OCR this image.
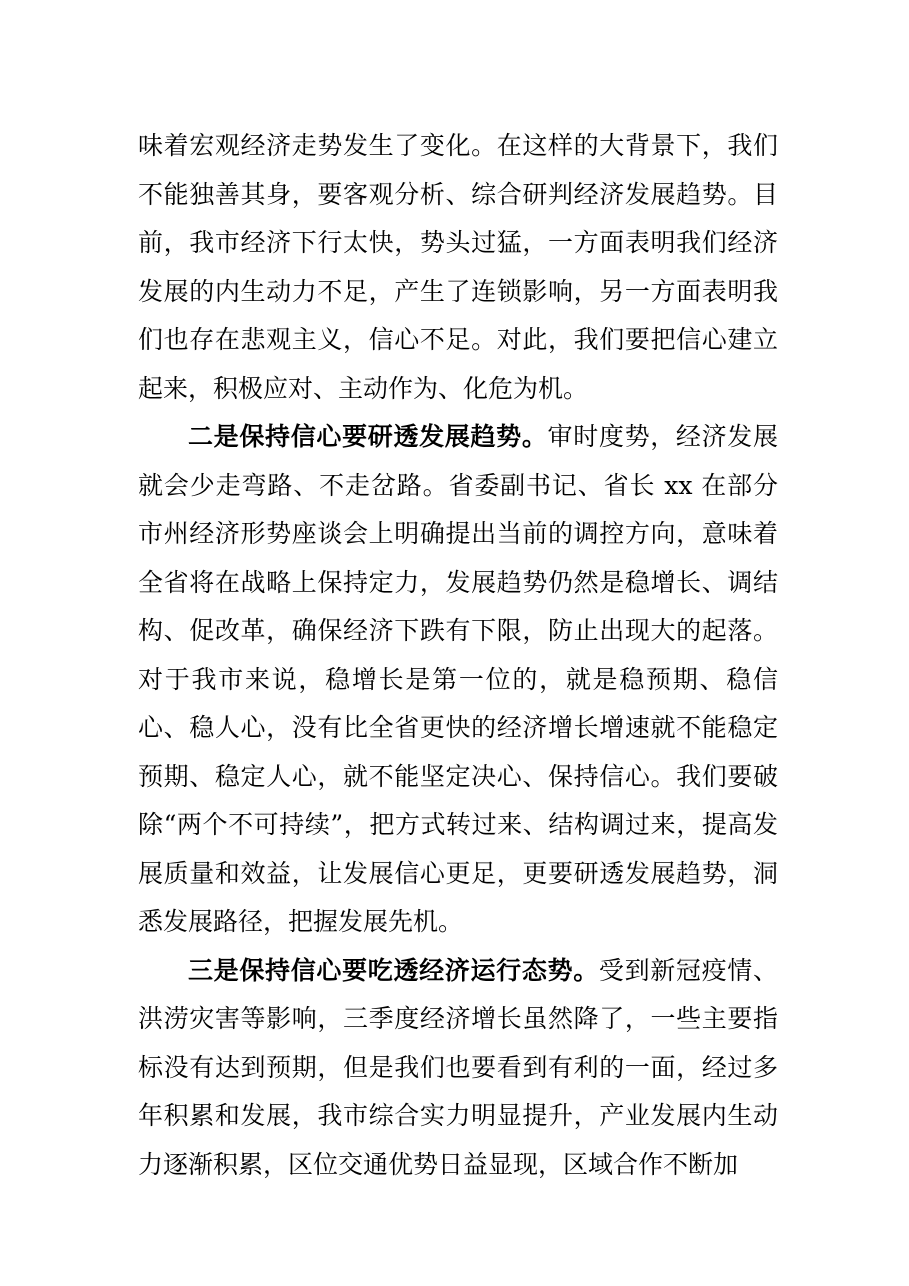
味着宏观经济走势发生了变化。在这样的大背景下，我们不能独善其身，要客观分析、综合研判经济发展趋势。目前，我市经济下行太快，势头过猛，一方面表明我们经济发展的内生动力不足，产生了连锁影响，另一方面表明我们也存在悲观主义，信心不足。对此，我们要把信心建立起来，积极应对、主动作为、化危为机。

二是保持信心要研透发展趋势。审时度势，经济发展就会少走弯路、不走岔路。省委副书记、省长 xx 在部分市州经济形势座谈会上明确提出当前的调控方向，意味着全省将在战略上保持定力，发展趋势仍然是稳增长、调结构、促改革，确保经济下跌有下限，防止出现大的起落。对于我市来说，稳增长是第一位的，就是稳预期、稳信心、稳人心，没有比全省更快的经济增长增速就不能稳定预期、稳定人心，就不能坚定决心、保持信心。我们要破除“两个不可持续”，把方式转过来、结构调过来，提高发展质量和效益，让发展信心更足，更要研透发展趋势，洞悉发展路径，把握发展先机。

三是保持信心要吃透经济运行态势。受到新冠疫情、洪涝灾害等影响，三季度经济增长虽然降了，一些主要指标没有达到预期，但是我们也要看到有利的一面，经过多年积累和发展，我市综合实力明显提升，产业发展内生动力逐渐积累，区位交通优势日益显现，区域合作不断加
